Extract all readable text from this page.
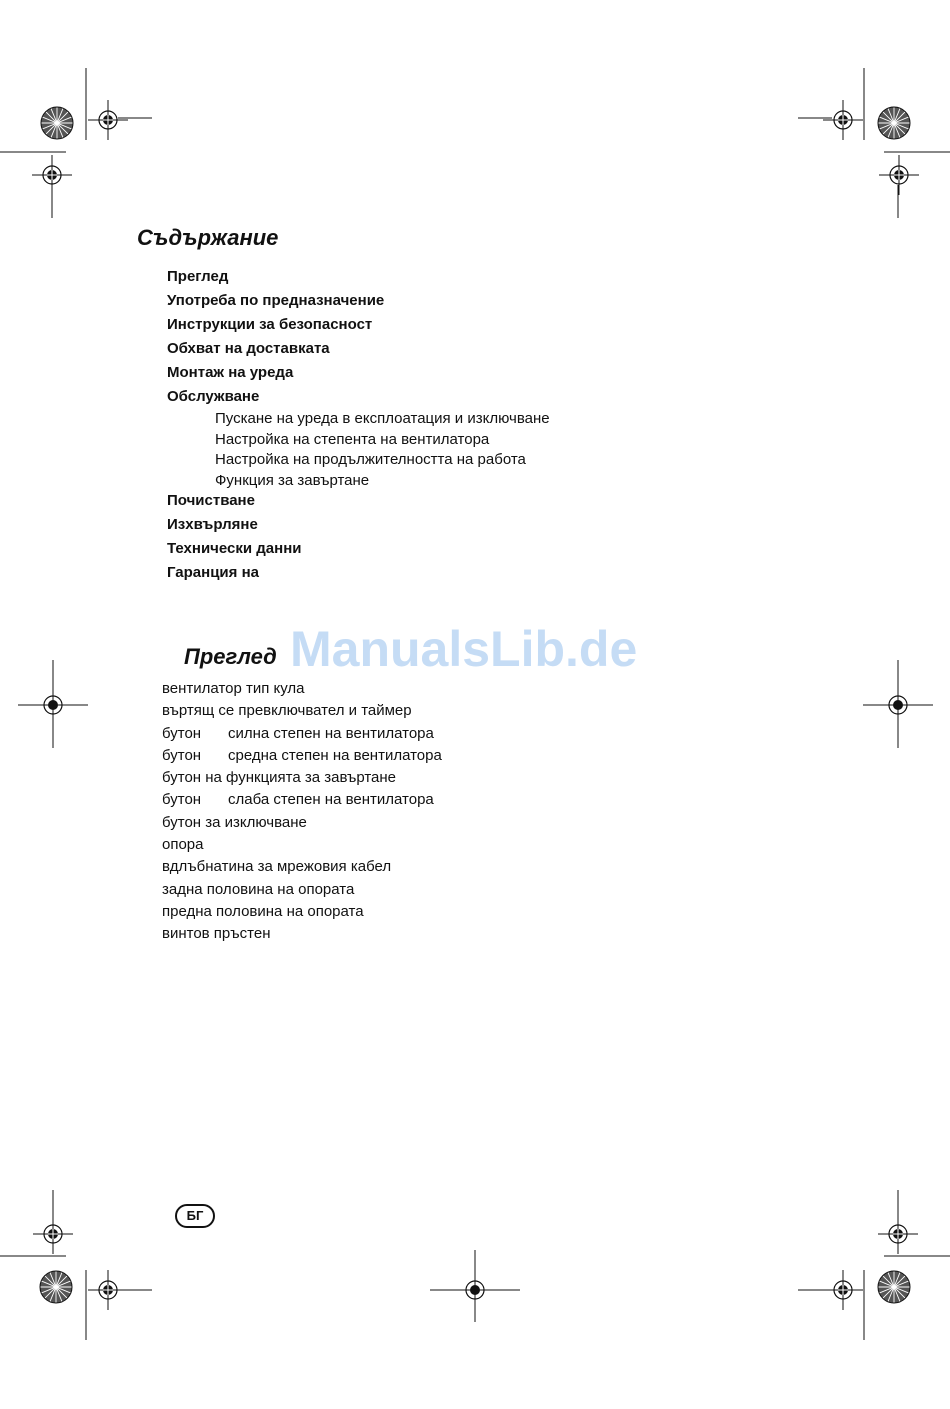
Съдържание
Преглед
Употреба по предназначение
Инструкции за безопасност
Обхват на доставката
Монтаж на уреда
Обслужване
Пускане на уреда в експлоатация и изключване
Настройка на степента на вентилатора
Настройка на продължителността на работа
Функция за завъртане
Почистване
Изхвърляне
Технически данни
Гаранция на
ManualsLib.de
Преглед
вентилатор тип кула
въртящ се превключвател и таймер
бутон силна степен на вентилатора
бутон средна степен на вентилатора
бутон на функцията за завъртане
бутон слаба степен на вентилатора
бутон за изключване
опора
вдлъбнатина за мрежовия кабел
задна половина на опората
предна половина на опората
винтов пръстен
БГ
